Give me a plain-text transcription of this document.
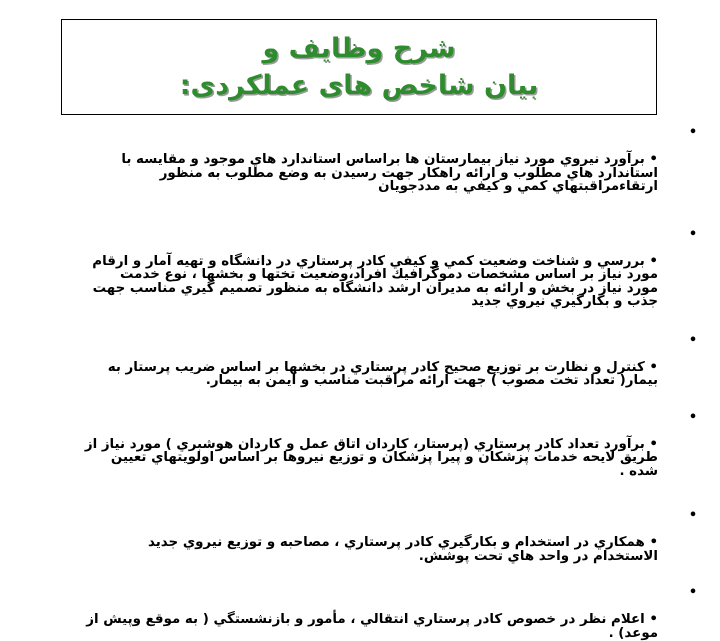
شرح وظايف و
بيان شاخص هاى عملكردى:

•

• برآورد نيروي مورد نياز بيمارستان ها براساس استاندارد هاي موجود و مقايسه با
استاندارد هاي مطلوب و ارائه راهكار جهت رسيدن به وضع مطلوب به منظور
ارتقاءمراقبتهاي كمي و كيفي به مددجويان

•

• بررسي و شناخت وضعيت كمي و كيفي كادر پرستاري در دانشگاه و تهيه آمار و ارقام
مورد نياز بر اساس مشخصات دموگرافيك افراد،وضعيت تختها و بخشها ، نوع خدمت
مورد نياز در بخش و ارائه به مديران ارشد دانشگاه به منظور تصميم گيري مناسب جهت
جذب و بكارگيري نيروي جديد

•

• كنترل و نظارت بر توزيع صحيح كادر پرستاري در بخشها بر اساس ضريب پرستار به
بيمار( تعداد تخت مصوب ) جهت ارائه مراقبت مناسب و ايمن به بيمار.

•

• برآورد تعداد كادر پرستاري (پرستار، كاردان اتاق عمل و كاردان هوشبري ) مورد نياز از
طريق لايحه خدمات پزشكان و پيرا پزشكان و توزيع نيروها بر اساس اولويتهاي تعيين
شده .

•

• همكاري در استخدام و بكارگيري كادر پرستاري ، مصاحبه و توزيع نيروي جديد
الاستخدام در واحد هاي تحت پوشش.

•

• اعلام نظر در خصوص كادر پرستاري انتقالي ، مأمور و بازنشستگي ( به موقع وپيش از
موعد) .
